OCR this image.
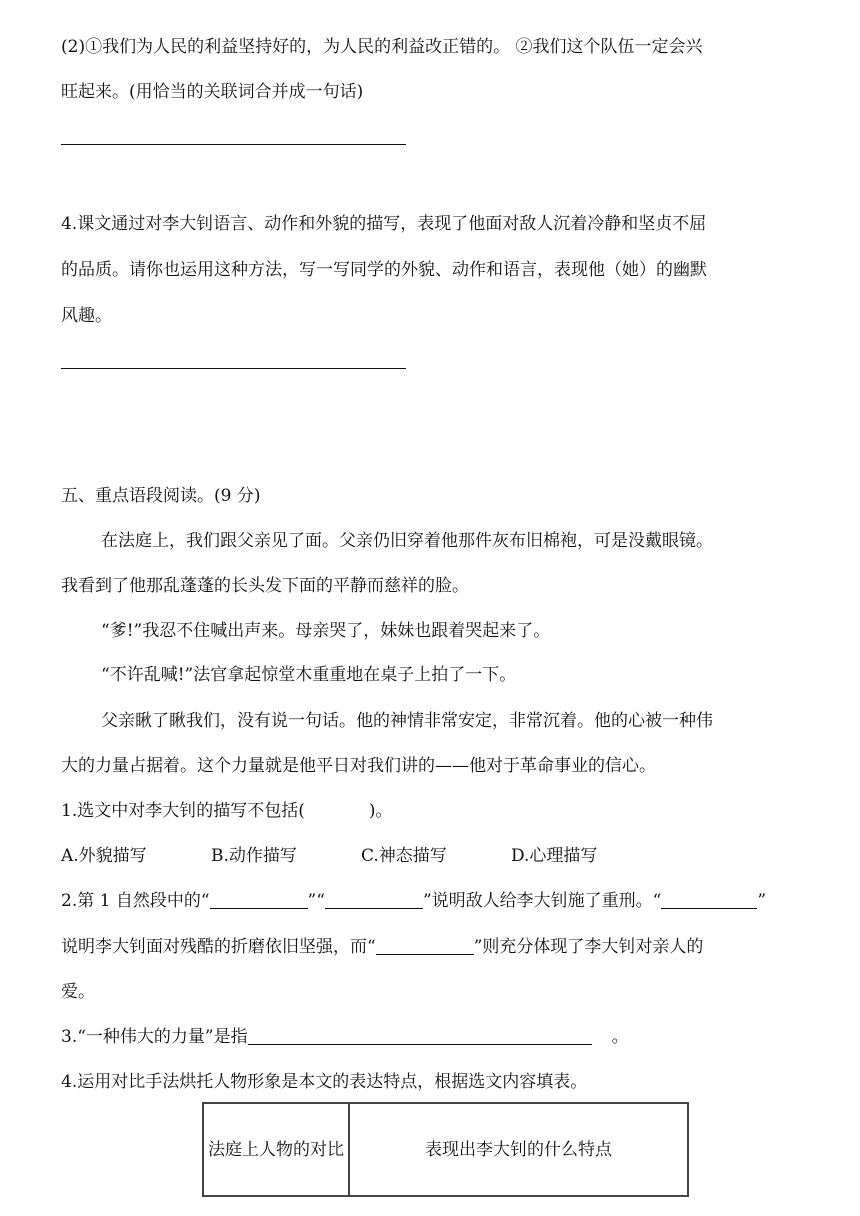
(2)①我们为人民的利益坚持好的，为人民的利益改正错的。 ②我们这个队伍一定会兴
旺起来。(用恰当的关联词合并成一句话)
4.课文通过对李大钊语言、动作和外貌的描写，表现了他面对敌人沉着冷静和坚贞不屈
的品质。请你也运用这种方法，写一写同学的外貌、动作和语言，表现他（她）的幽默
风趣。
五、重点语段阅读。(9 分)
在法庭上，我们跟父亲见了面。父亲仍旧穿着他那件灰布旧棉袍，可是没戴眼镜。
我看到了他那乱蓬蓬的长头发下面的平静而慈祥的脸。
“爹!”我忍不住喊出声来。母亲哭了，妹妹也跟着哭起来了。
“不许乱喊!”法官拿起惊堂木重重地在桌子上拍了一下。
父亲瞅了瞅我们，没有说一句话。他的神情非常安定，非常沉着。他的心被一种伟
大的力量占据着。这个力量就是他平日对我们讲的——他对于革命事业的信心。
1.选文中对李大钊的描写不包括(	)。
A.外貌描写	B.动作描写	C.神态描写	D.心理描写
2.第 1 自然段中的“	”“	”说明敌人给李大钊施了重刑。“	”
说明李大钊面对残酷的折磨依旧坚强，而“	”则充分体现了李大钊对亲人的
爱。
3.“一种伟大的力量”是指	。
4.运用对比手法烘托人物形象是本文的表达特点，根据选文内容填表。
法庭上人物的对比	表现出李大钊的什么特点
